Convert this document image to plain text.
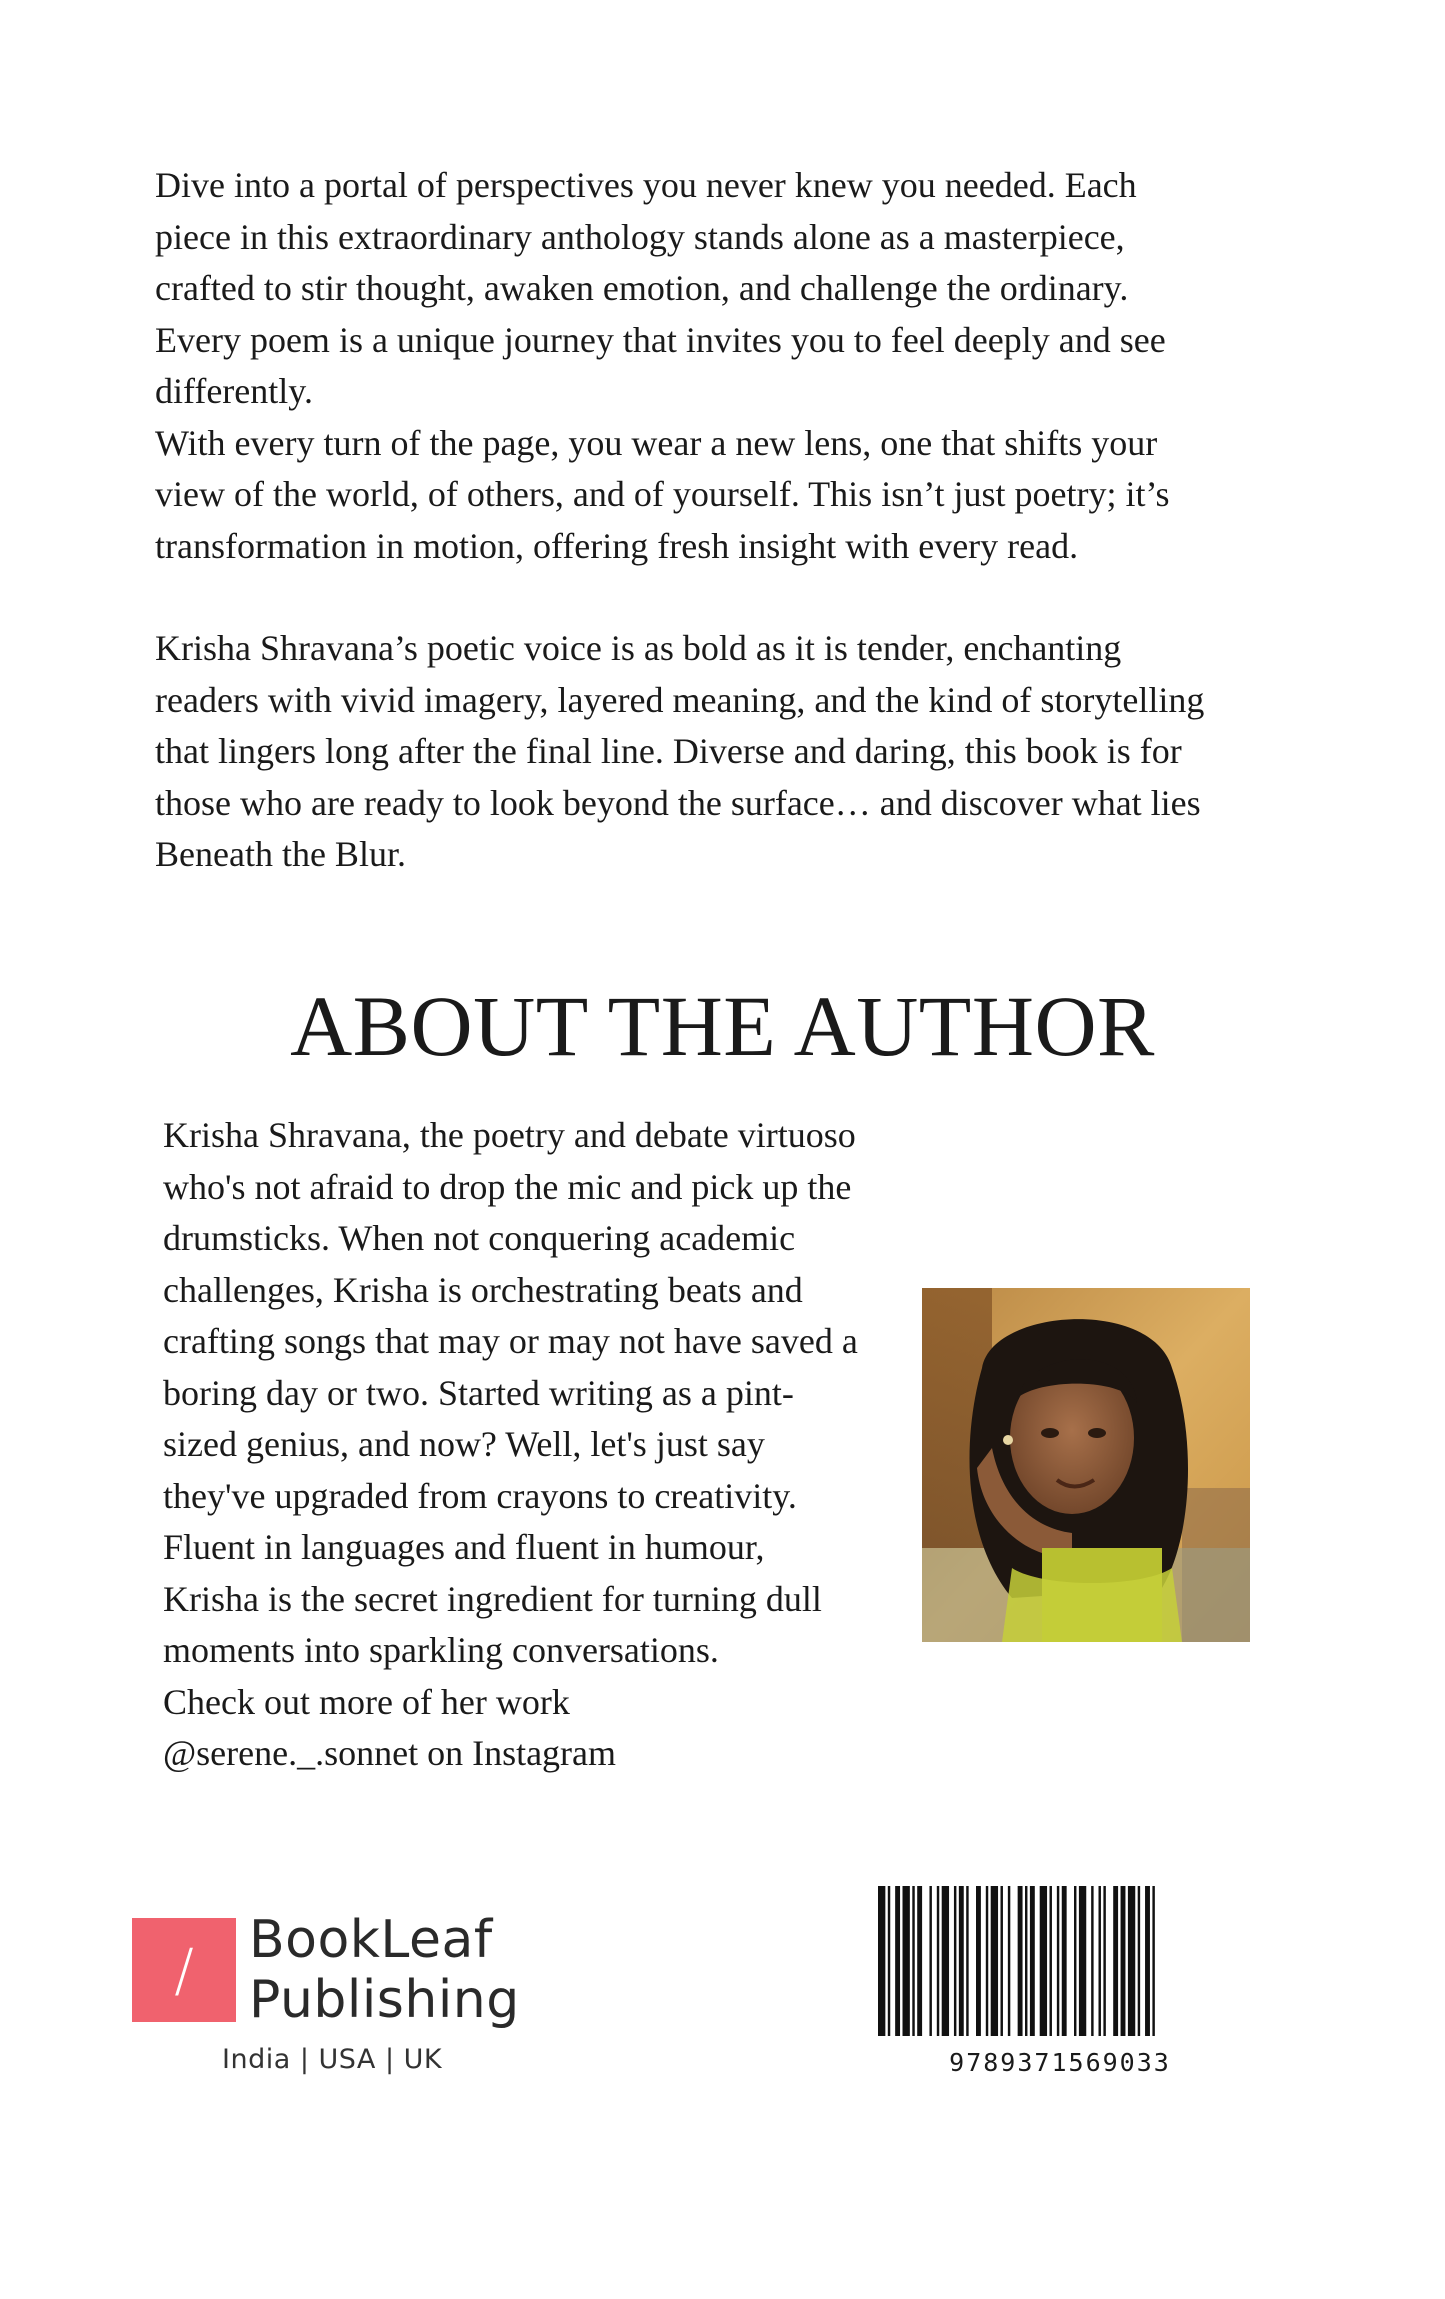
Dive into a portal of perspectives you never knew you needed. Each piece in this extraordinary anthology stands alone as a masterpiece, crafted to stir thought, awaken emotion, and challenge the ordinary. Every poem is a unique journey that invites you to feel deeply and see differently.

With every turn of the page, you wear a new lens, one that shifts your view of the world, of others, and of yourself. This isn’t just poetry; it’s transformation in motion, offering fresh insight with every read.

Krisha Shravana’s poetic voice is as bold as it is tender, enchanting readers with vivid imagery, layered meaning, and the kind of storytelling that lingers long after the final line. Diverse and daring, this book is for those who are ready to look beyond the surface… and discover what lies Beneath the Blur.

ABOUT THE AUTHOR

Krisha Shravana, the poetry and debate virtuoso who's not afraid to drop the mic and pick up the drumsticks. When not conquering academic challenges, Krisha is orchestrating beats and crafting songs that may or may not have saved a boring day or two. Started writing as a pint-sized genius, and now? Well, let's just say they've upgraded from crayons to creativity. Fluent in languages and fluent in humour, Krisha is the secret ingredient for turning dull moments into sparkling conversations.

Check out more of her work

@serene._.sonnet on Instagram

/	BookLeaf
Publishing
India | USA | UK	9789371569033
